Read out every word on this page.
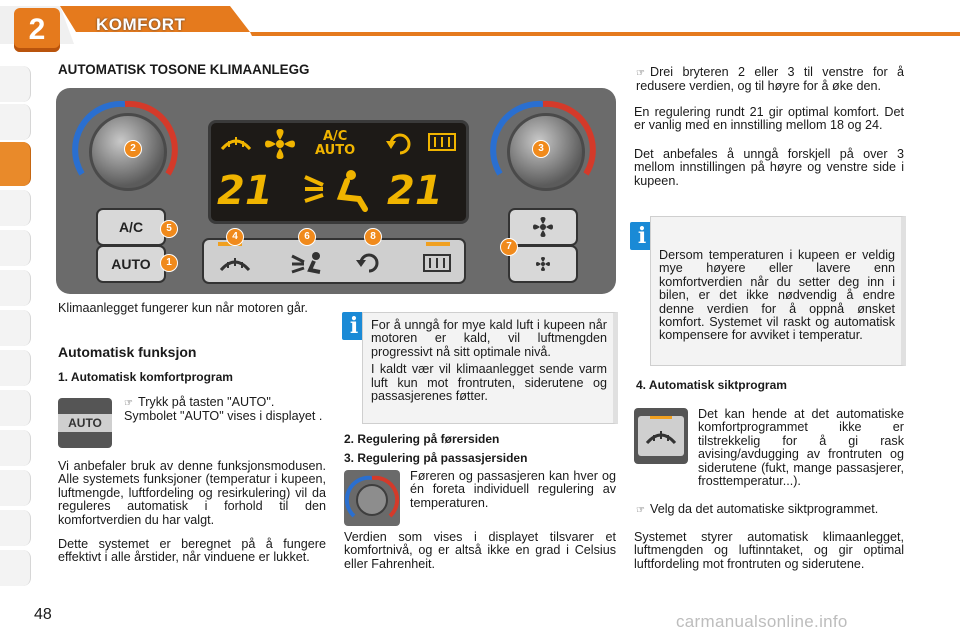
2	KOMFORT
AUTOMATISK TOSONE KLIMAANLEGG
2	3
A/C
AUTO
21	21
A/C
AUTO
5
1
4	6	8
7

Klimaanlegget fungerer kun når motoren går.

Automatisk funksjon
1. Automatisk komfortprogram
AUTO
☞ Trykk på tasten "AUTO". Symbolet "AUTO" vises i displayet .

Vi anbefaler bruk av denne funksjonsmodusen. Alle systemets funksjoner (temperatur i kupeen, luftmengde, luftfordeling og resirkulering) vil da reguleres automatisk i forhold til den komfortverdien du har valgt.

Dette systemet er beregnet på å fungere effektivt i alle årstider, når vinduene er lukket.

i	For å unngå for mye kald luft i kupeen når motoren er kald, vil luftmengden progressivt nå sitt optimale nivå.

I kaldt vær vil klimaanlegget sende varm luft kun mot frontruten, siderutene og passasjerenes føtter.

2. Regulering på førersiden
3. Regulering på passasjersiden

Føreren og passasjeren kan hver og én foreta individuell regulering av temperaturen.

Verdien som vises i displayet tilsvarer et komfortnivå, og er altså ikke en grad i Celsius eller Fahrenheit.

☞ Drei bryteren 2 eller 3 til venstre for å redusere verdien, og til høyre for å øke den.

En regulering rundt 21 gir optimal komfort. Det er vanlig med en innstilling mellom 18 og 24.

Det anbefales å unngå forskjell på over 3 mellom innstillingen på høyre og venstre side i kupeen.

i

Dersom temperaturen i kupeen er veldig mye høyere eller lavere enn komfortverdien når du setter deg inn i bilen, er det ikke nødvendig å endre denne verdien for å oppnå ønsket komfort. Systemet vil raskt og automatisk kompensere for avviket i temperatur.

4. Automatisk siktprogram

Det kan hende at det automatiske komfortprogrammet ikke er tilstrekkelig for å gi rask avising/avdugging av frontruten og siderutene (fukt, mange passasjerer, frosttemperatur...).

☞ Velg da det automatiske siktprogrammet.

Systemet styrer automatisk klimaanlegget, luftmengden og luftinntaket, og gir optimal luftfordeling mot frontruten og siderutene.

48	carmanualsonline.info
